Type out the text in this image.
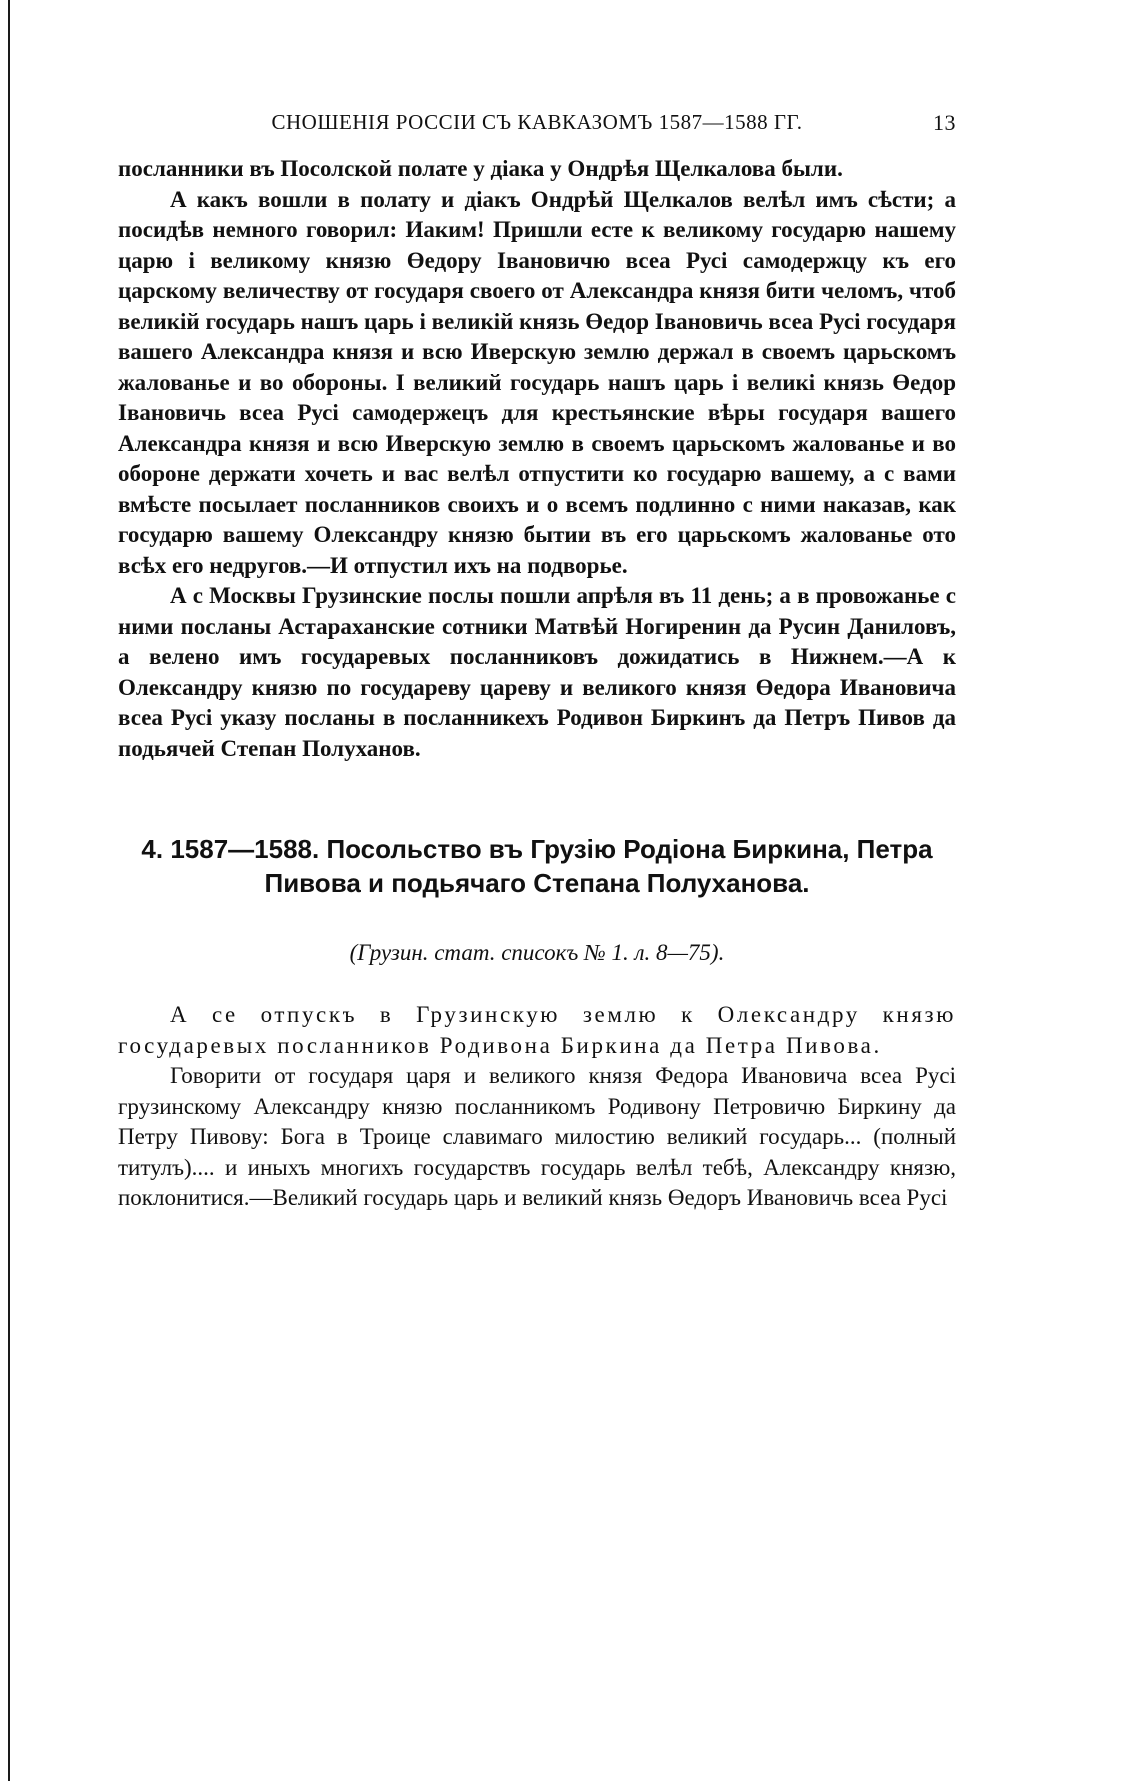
СНОШЕНІЯ РОССІИ СЪ КАВКАЗОМЪ 1587—1588 ГГ.	13

посланники въ Посолской полате у діака у Ондрѣя Щелкалова были.

А какъ вошли в полату и діакъ Ондрѣй Щелкалов велѣл имъ сѣсти; а посидѣв немного говорил: Иаким! Пришли есте к великому государю нашему царю і великому князю Өедору Івановичю всеа Русі самодержцу къ его царскому величеству от государя своего от Александра князя бити челомъ, чтоб великій государь нашъ царь і великій князь Өедор Івановичь всеа Русі государя вашего Александра князя и всю Иверскую землю держал в своемъ царьскомъ жалованье и во обороны. І великий государь нашъ царь і великі князь Өедор Івановичь всеа Русі самодержецъ для крестьянские вѣры государя вашего Александра князя и всю Иверскую землю в своемъ царьскомъ жалованье и во обороне держати хочеть и вас велѣл отпустити ко государю вашему, а с вами вмѣсте посылает посланников своихъ и о всемъ подлинно с ними наказав, как государю вашему Олександру князю бытии въ его царьскомъ жалованье ото всѣх его недругов.—И отпустил ихъ на подворье.

А с Москвы Грузинские послы пошли апрѣля въ 11 день; а в провожанье с ними посланы Астараханские сотники Матвѣй Ногиренин да Русин Даниловъ, а велено имъ государевых посланниковъ дожидатись в Нижнем.—А к Олександру князю по государеву цареву и великого князя Өедора Ивановича всеа Русі указу посланы в посланникехъ Родивон Биркинъ да Петръ Пивов да подьячей Степан Полуханов.

4. 1587—1588. Посольство въ Грузію Родіона Биркина, Петра Пивова и подьячаго Степана Полуханова.

(Грузин. стат. списокъ № 1. л. 8—75).

А се отпускъ в Грузинскую землю к Олександру князю государевых посланников Родивона Биркина да Петра Пивова.

Говорити от государя царя и великого князя Федора Ивановича всеа Русі грузинскому Александру князю посланникомъ Родивону Петровичю Биркину да Петру Пивову: Бога в Троице славимаго милостию великий государь... (полный титулъ).... и иныхъ многихъ государствъ государь велѣл тебѣ, Александру князю, поклонитися.—Великий государь царь и великий князь Өедоръ Ивановичь всеа Русі
